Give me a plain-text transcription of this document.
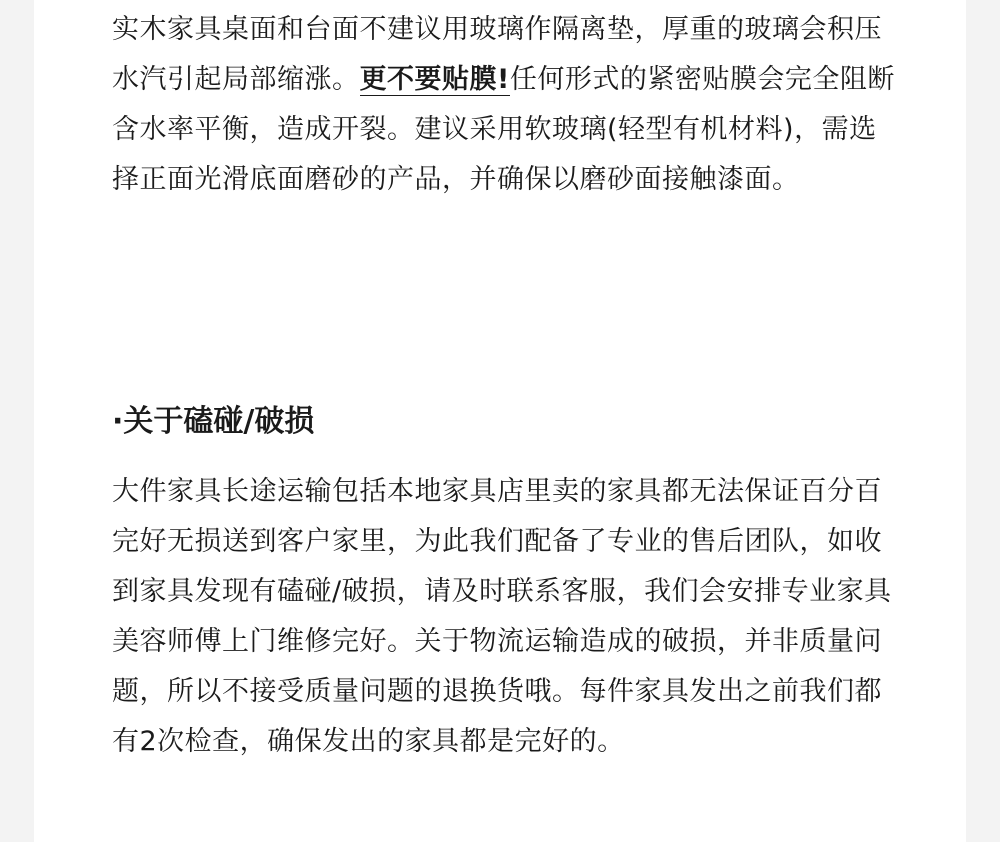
实木家具桌面和台面不建议用玻璃作隔离垫，厚重的玻璃会积压水汽引起局部缩涨。更不要贴膜!任何形式的紧密贴膜会完全阻断含水率平衡，造成开裂。建议采用软玻璃(轻型有机材料)，需选择正面光滑底面磨砂的产品，并确保以磨砂面接触漆面。

·关于磕碰/破损

大件家具长途运输包括本地家具店里卖的家具都无法保证百分百完好无损送到客户家里，为此我们配备了专业的售后团队，如收到家具发现有磕碰/破损，请及时联系客服，我们会安排专业家具美容师傅上门维修完好。关于物流运输造成的破损，并非质量问题，所以不接受质量问题的退换货哦。每件家具发出之前我们都有2次检查，确保发出的家具都是完好的。
